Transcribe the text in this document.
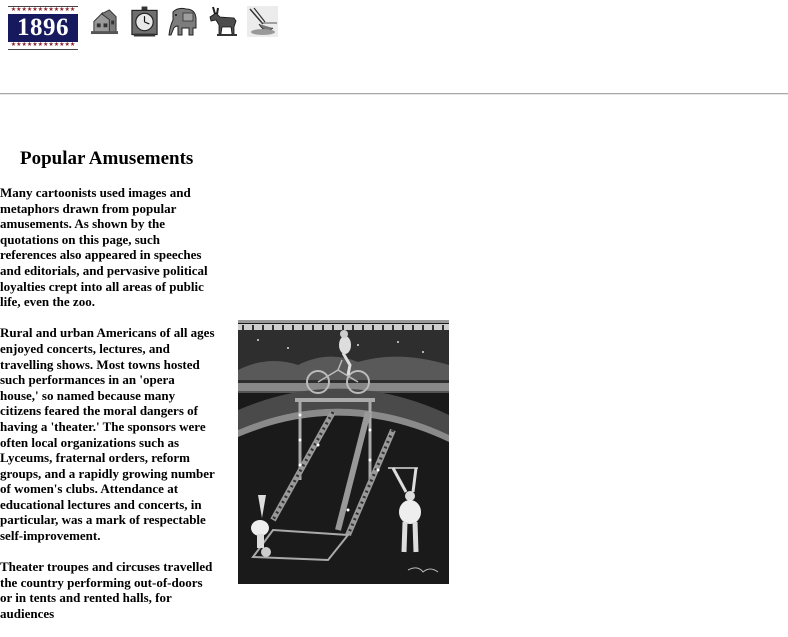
★★★★★★★★★★★★
1896
★★★★★★★★★★★★
Popular Amusements

Many cartoonists used images and metaphors drawn from popular amusements. As shown by the quotations on this page, such references also appeared in speeches and editorials, and pervasive political loyalties crept into all areas of public life, even the zoo.

Rural and urban Americans of all ages enjoyed concerts, lectures, and travelling shows. Most towns hosted such performances in an 'opera house,' so named because many citizens feared the moral dangers of having a 'theater.' The sponsors were often local organizations such as Lyceums, fraternal orders, reform groups, and a rapidly growing number of women's clubs. Attendance at educational lectures and concerts, in particular, was a mark of respectable self-improvement.

Theater troupes and circuses travelled the country performing out-of-doors or in tents and rented halls, for audiences
